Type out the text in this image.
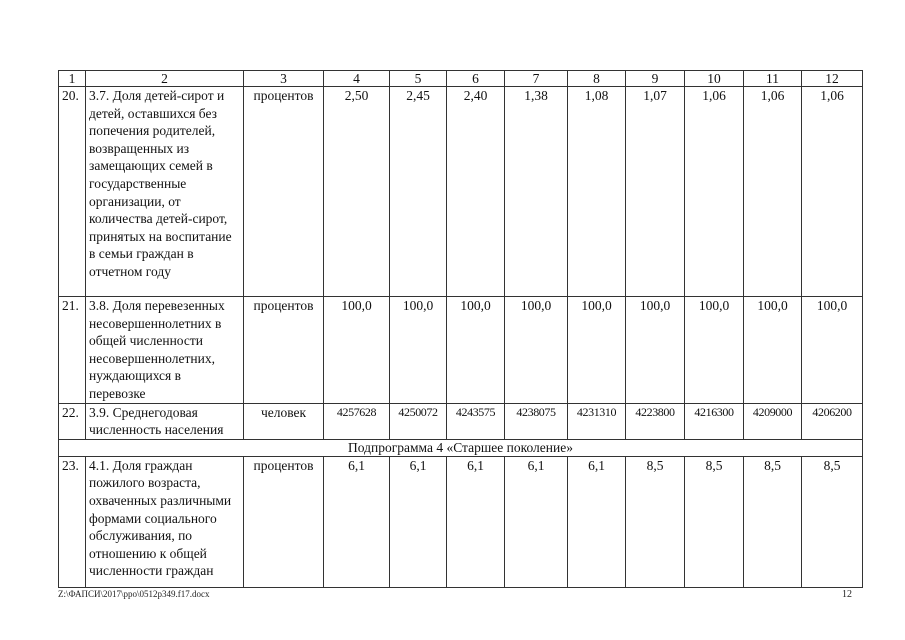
1	2	3	4	5	6	7	8	9	10	11	12
20.	3.7. Доля детей-сирот и детей, оставшихся без попечения родителей, возвращенных из замещающих семей в государственные организации, от количества детей-сирот, принятых на воспитание в семьи граждан в отчетном году	процентов	2,50	2,45	2,40	1,38	1,08	1,07	1,06	1,06	1,06
21.	3.8. Доля перевезенных несовершеннолетних в общей численности несовершеннолетних, нуждающихся в перевозке	процентов	100,0	100,0	100,0	100,0	100,0	100,0	100,0	100,0	100,0
22.	3.9. Среднегодовая численность населения	человек	4257628	4250072	4243575	4238075	4231310	4223800	4216300	4209000	4206200
Подпрограмма 4 «Старшее поколение»											
23.	4.1. Доля граждан пожилого возраста, охваченных различными формами социального обслуживания, по отношению к общей численности граждан	процентов	6,1	6,1	6,1	6,1	6,1	8,5	8,5	8,5	8,5
Z:\ФАПСИ\2017\ppo\0512p349.f17.docx	12
